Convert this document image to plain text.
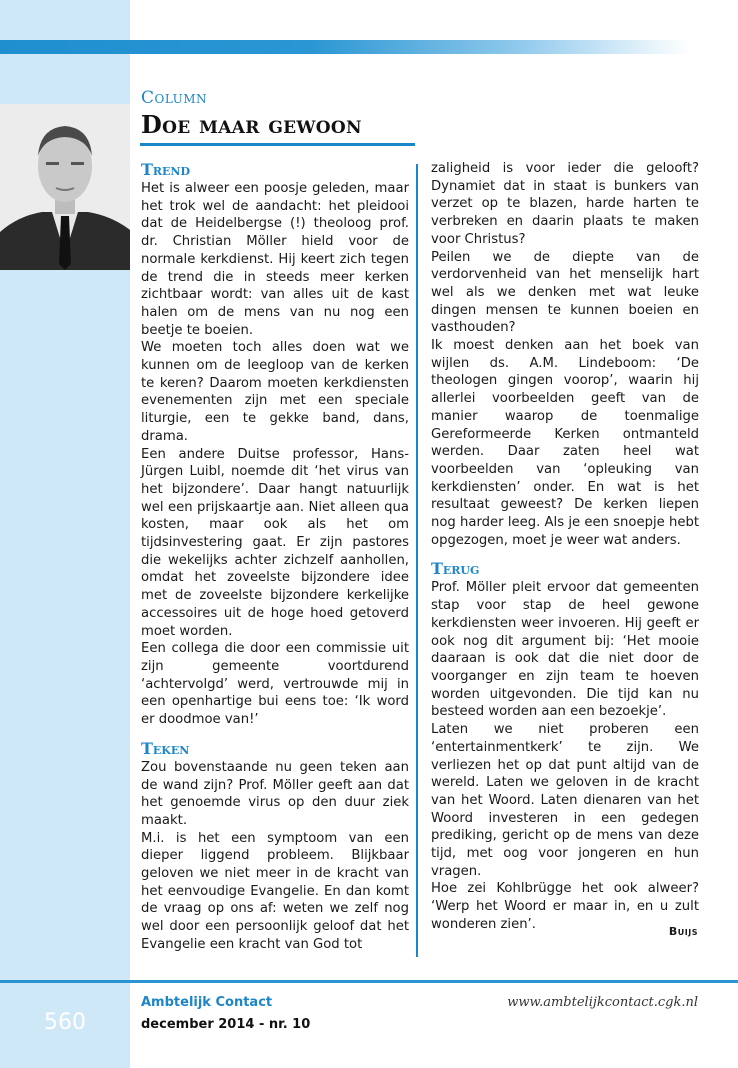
Column

Doe maar gewoon
Trend

Het is alweer een poosje geleden, maar het trok wel de aandacht: het pleidooi dat de Heidelbergse (!) theoloog prof. dr. Christian Möller hield voor de normale kerkdienst. Hij keert zich tegen de trend die in steeds meer kerken zichtbaar wordt: van alles uit de kast halen om de mens van nu nog een beetje te boeien.

We moeten toch alles doen wat we kunnen om de leegloop van de kerken te keren? Daarom moeten kerkdiensten evenementen zijn met een speciale liturgie, een te gekke band, dans, drama.

Een andere Duitse professor, Hans-Jürgen Luibl, noemde dit ‘het virus van het bijzondere’. Daar hangt natuurlijk wel een prijskaartje aan. Niet alleen qua kosten, maar ook als het om tijdsinvestering gaat. Er zijn pastores die wekelijks achter zichzelf aanhollen, omdat het zoveelste bijzondere idee met de zoveelste bijzondere kerkelijke accessoires uit de hoge hoed getoverd moet worden.

Een collega die door een commissie uit zijn gemeente voortdurend ‘achtervolgd’ werd, vertrouwde mij in een openhartige bui eens toe: ‘Ik word er doodmoe van!’

Teken

Zou bovenstaande nu geen teken aan de wand zijn? Prof. Möller geeft aan dat het genoemde virus op den duur ziek maakt.

M.i. is het een symptoom van een dieper liggend probleem. Blijkbaar geloven we niet meer in de kracht van het eenvoudige Evangelie. En dan komt de vraag op ons af: weten we zelf nog wel door een persoonlijk geloof dat het Evangelie een kracht van God tot

zaligheid is voor ieder die gelooft? Dynamiet dat in staat is bunkers van verzet op te blazen, harde harten te verbreken en daarin plaats te maken voor Christus?

Peilen we de diepte van de verdorvenheid van het menselijk hart wel als we denken met wat leuke dingen mensen te kunnen boeien en vasthouden?

Ik moest denken aan het boek van wijlen ds. A.M. Lindeboom: ‘De theologen gingen voorop’, waarin hij allerlei voorbeelden geeft van de manier waarop de toenmalige Gereformeerde Kerken ontmanteld werden. Daar zaten heel wat voorbeelden van ‘opleuking van kerkdiensten’ onder. En wat is het resultaat geweest? De kerken liepen nog harder leeg. Als je een snoepje hebt opgezogen, moet je weer wat anders.

Terug

Prof. Möller pleit ervoor dat gemeenten stap voor stap de heel gewone kerkdiensten weer invoeren. Hij geeft er ook nog dit argument bij: ‘Het mooie daaraan is ook dat die niet door de voorganger en zijn team te hoeven worden uitgevonden. Die tijd kan nu besteed worden aan een bezoekje’.

Laten we niet proberen een ‘entertainmentkerk’ te zijn. We verliezen het op dat punt altijd van de wereld. Laten we geloven in de kracht van het Woord. Laten dienaren van het Woord investeren in een gedegen prediking, gericht op de mens van deze tijd, met oog voor jongeren en hun vragen.

Hoe zei Kohlbrügge het ook alweer? ‘Werp het Woord er maar in, en u zult wonderen zien’.	Buijs

560

Ambtelijk Contact

december 2014 - nr. 10

www.ambtelijkcontact.cgk.nl
